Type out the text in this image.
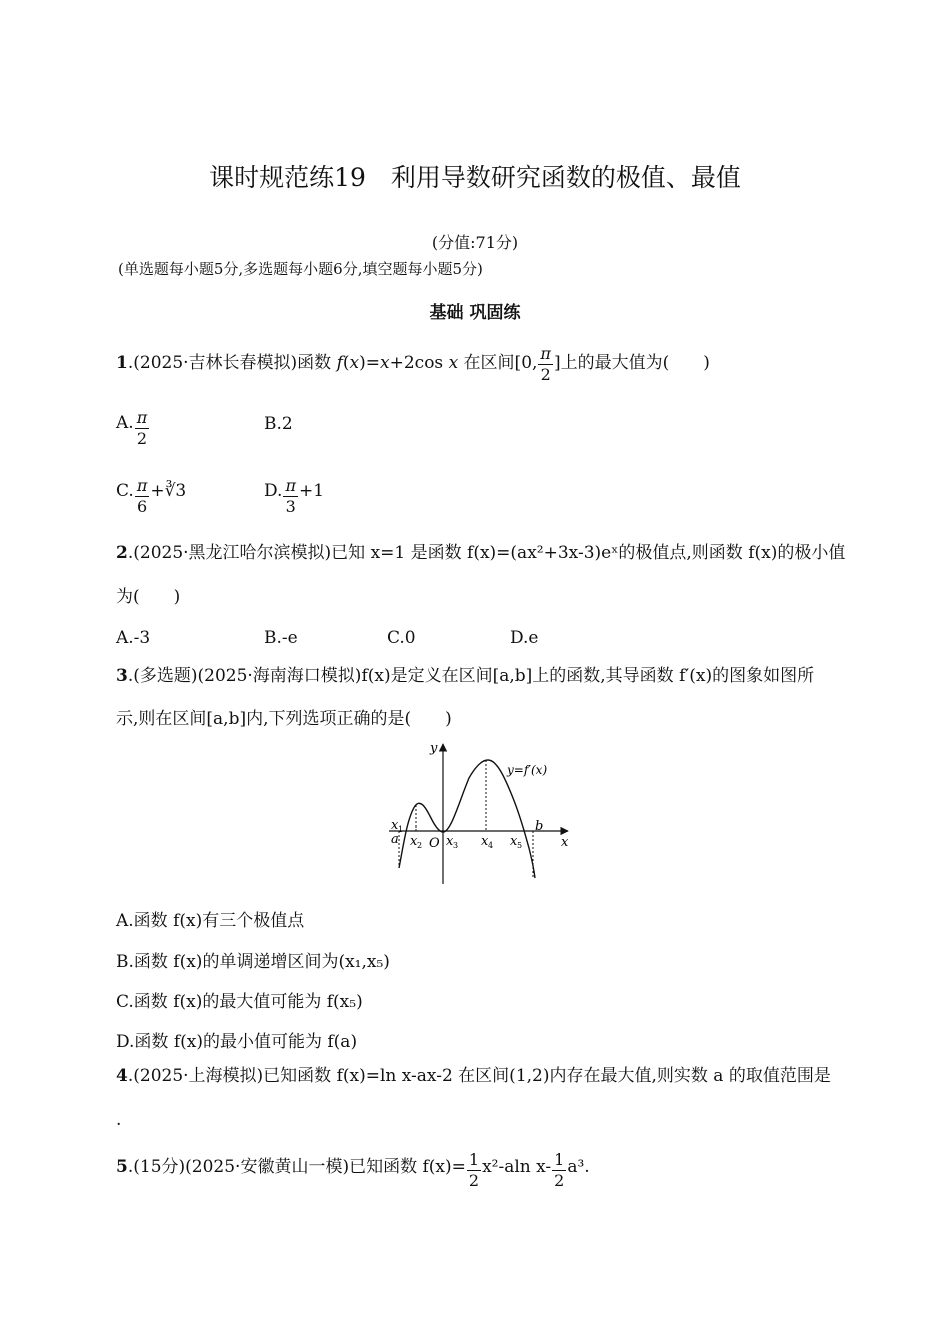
课时规范练19　利用导数研究函数的极值、最值
(分值:71分)
(单选题每小题5分,多选题每小题6分,填空题每小题5分)
基础 巩固练
1.(2025·吉林长春模拟)函数 f(x)=x+2cos x 在区间[0, $\frac{\pi}{2}$ ]上的最大值为(　　)
A. $\frac{\pi}{2}$	B.2
C. $\frac{\pi}{6}$ +∛3	D. $\frac{\pi}{3} +1$
2.(2025·黑龙江哈尔滨模拟)已知 x=1 是函数 f(x)=(ax²+3x-3)eˣ的极值点,则函数 f(x)的极小值
为(　　)
A.-3	B.-e	C.0	D.e
3.(多选题)(2025·海南海口模拟)f(x)是定义在区间[a,b]上的函数,其导函数 f′(x)的图象如图所
示,则在区间[a,b]内,下列选项正确的是(　　)
y=f′(x)
y
x
O
a
b
x 1
x 2 x 3 x 4 x 5
A.函数 f(x)有三个极值点
B.函数 f(x)的单调递增区间为(x₁,x₅)
C.函数 f(x)的最大值可能为 f(x₅)
D.函数 f(x)的最小值可能为 f(a)
4.(2025·上海模拟)已知函数 f(x)=ln x-ax-2 在区间(1,2)内存在最大值,则实数 a 的取值范围是
.
5.(15分)(2025·安徽黄山一模)已知函数 $f(x)= \frac{1}{2} x^2-aln$ $x- \frac{1}{2} a^3$.
